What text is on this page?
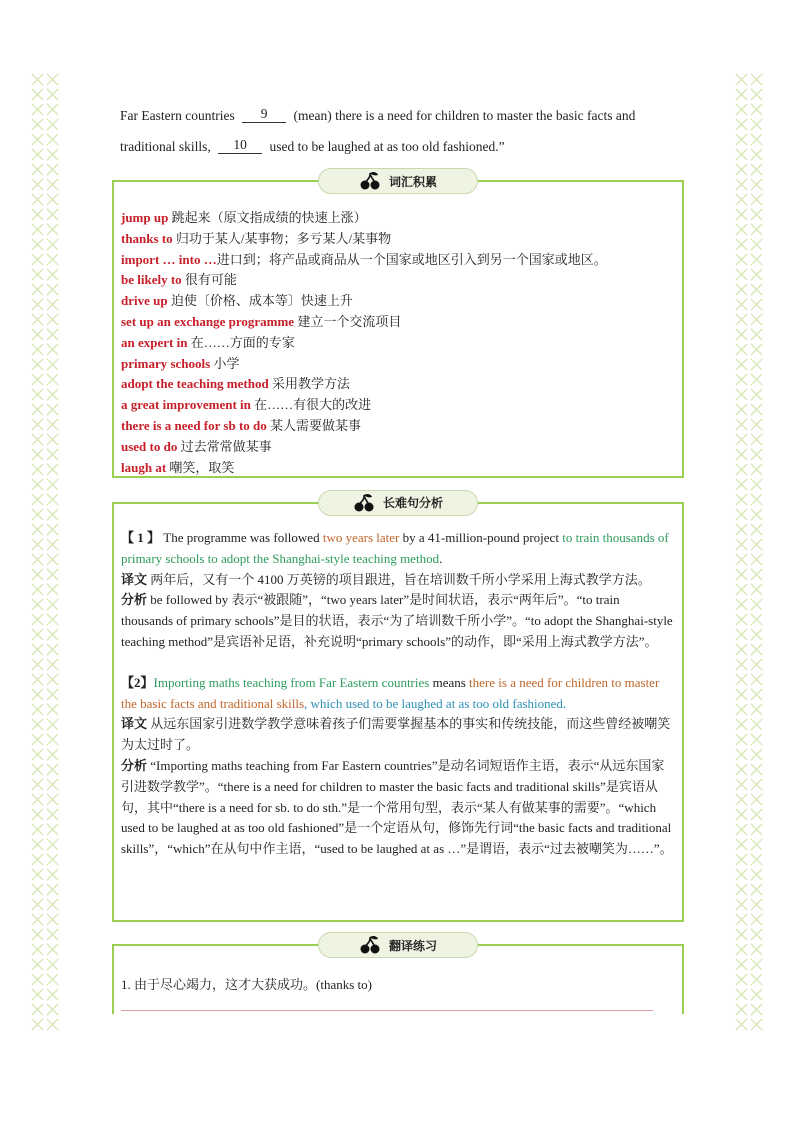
Far Eastern countries 9 (mean) there is a need for children to master the basic facts and
traditional skills, 10 used to be laughed at as too old fashioned.”
词汇积累
jump up 跳起来（原文指成绩的快速上涨）
thanks to 归功于某人/某事物；多亏某人/某事物
import … into …进口到；将产品或商品从一个国家或地区引入到另一个国家或地区。
be likely to 很有可能
drive up 迫使〔价格、成本等〕快速上升
set up an exchange programme 建立一个交流项目
an expert in 在……方面的专家
primary schools 小学
adopt the teaching method 采用教学方法
a great improvement in 在……有很大的改进
there is a need for sb to do 某人需要做某事
used to do 过去常常做某事
laugh at 嘲笑，取笑
长难句分析

【 1 】 The programme was followed two years later by a 41-million-pound project to train thousands of primary schools to adopt the Shanghai-style teaching method.

译文 两年后，又有一个 4100 万英镑的项目跟进，旨在培训数千所小学采用上海式教学方法。

分析 be followed by 表示“被跟随”，“two years later”是时间状语，表示“两年后”。“to train thousands of primary schools”是目的状语，表示“为了培训数千所小学”。“to adopt the Shanghai-style teaching method”是宾语补足语，补充说明“primary schools”的动作，即“采用上海式教学方法”。

【2】Importing maths teaching from Far Eastern countries means there is a need for children to master the basic facts and traditional skills, which used to be laughed at as too old fashioned.

译文 从远东国家引进数学教学意味着孩子们需要掌握基本的事实和传统技能，而这些曾经被嘲笑为太过时了。

分析 “Importing maths teaching from Far Eastern countries”是动名词短语作主语，表示“从远东国家引进数学教学”。“there is a need for children to master the basic facts and traditional skills”是宾语从句，其中“there is a need for sb. to do sth.”是一个常用句型，表示“某人有做某事的需要”。“which used to be laughed at as too old fashioned”是一个定语从句，修饰先行词“the basic facts and traditional skills”，“which”在从句中作主语，“used to be laughed at as …”是谓语，表示“过去被嘲笑为……”。

翻译练习
1. 由于尽心竭力，这才大获成功。(thanks to)
